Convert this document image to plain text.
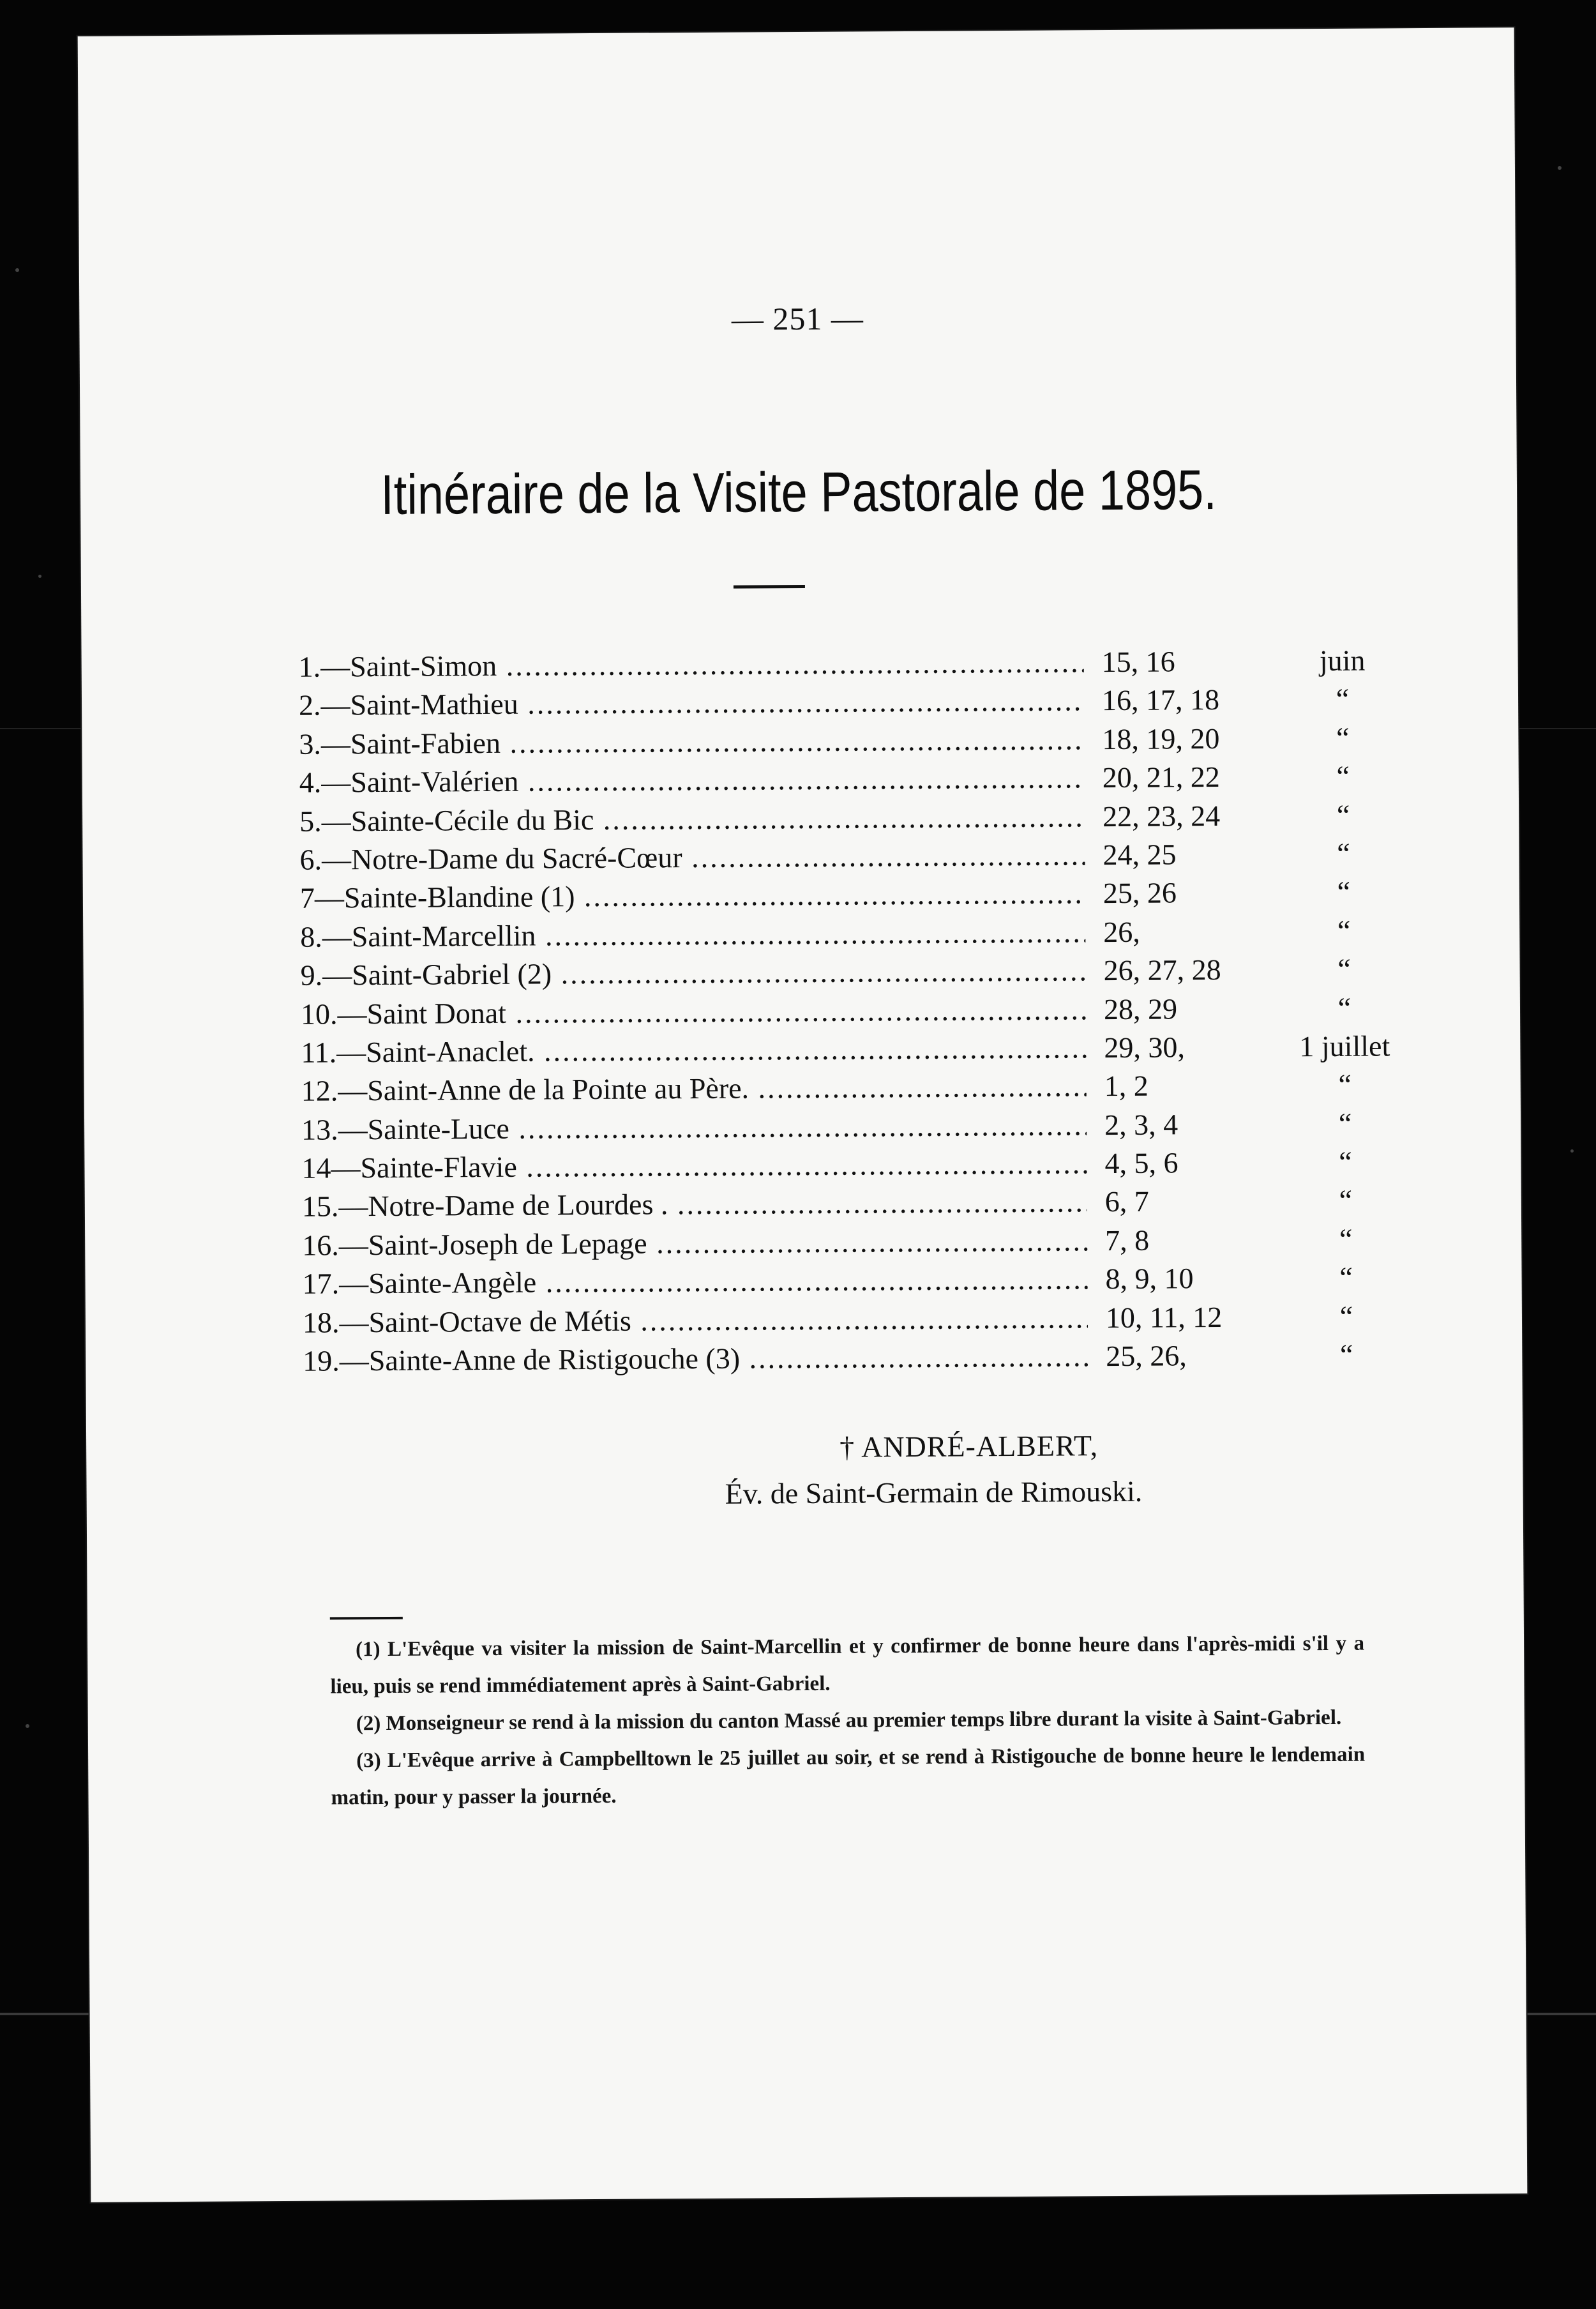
— 251 —
Itinéraire de la Visite Pastorale de 1895.
1.—Saint-Simon .....	15, 16	juin
2.—Saint-Mathieu .....	16, 17, 18	“
3.—Saint-Fabien .....	18, 19, 20	“
4.—Saint-Valérien .....	20, 21, 22	“
5.—Sainte-Cécile du Bic .....	22, 23, 24	“
6.—Notre-Dame du Sacré-Cœur .....	24, 25	“
7—Sainte-Blandine (1) .....	25, 26	“
8.—Saint-Marcellin .....	26,	“
9.—Saint-Gabriel (2) .....	26, 27, 28	“
10.—Saint Donat .....	28, 29	“
11.—Saint-Anaclet. .....	29, 30,	1 juillet
12.—Saint-Anne de la Pointe au Père. .....	1, 2	“
13.—Sainte-Luce .....	2, 3, 4	“
14—Sainte-Flavie .....	4, 5, 6	“
15.—Notre-Dame de Lourdes . .....	6, 7	“
16.—Saint-Joseph de Lepage .....	7, 8	“
17.—Sainte-Angèle .....	8, 9, 10	“
18.—Saint-Octave de Métis .....	10, 11, 12	“
19.—Sainte-Anne de Ristigouche (3) .....	25, 26,	“
† ANDRÉ-ALBERT,
Év. de Saint-Germain de Rimouski.

(1) L'Evêque va visiter la mission de Saint-Marcellin et y confirmer de bonne heure dans l'après-midi s'il y a lieu, puis se rend immédiatement après à Saint-Gabriel.

(2) Monseigneur se rend à la mission du canton Massé au premier temps libre durant la visite à Saint-Gabriel.

(3) L'Evêque arrive à Campbelltown le 25 juillet au soir, et se rend à Ristigouche de bonne heure le lendemain matin, pour y passer la journée.
